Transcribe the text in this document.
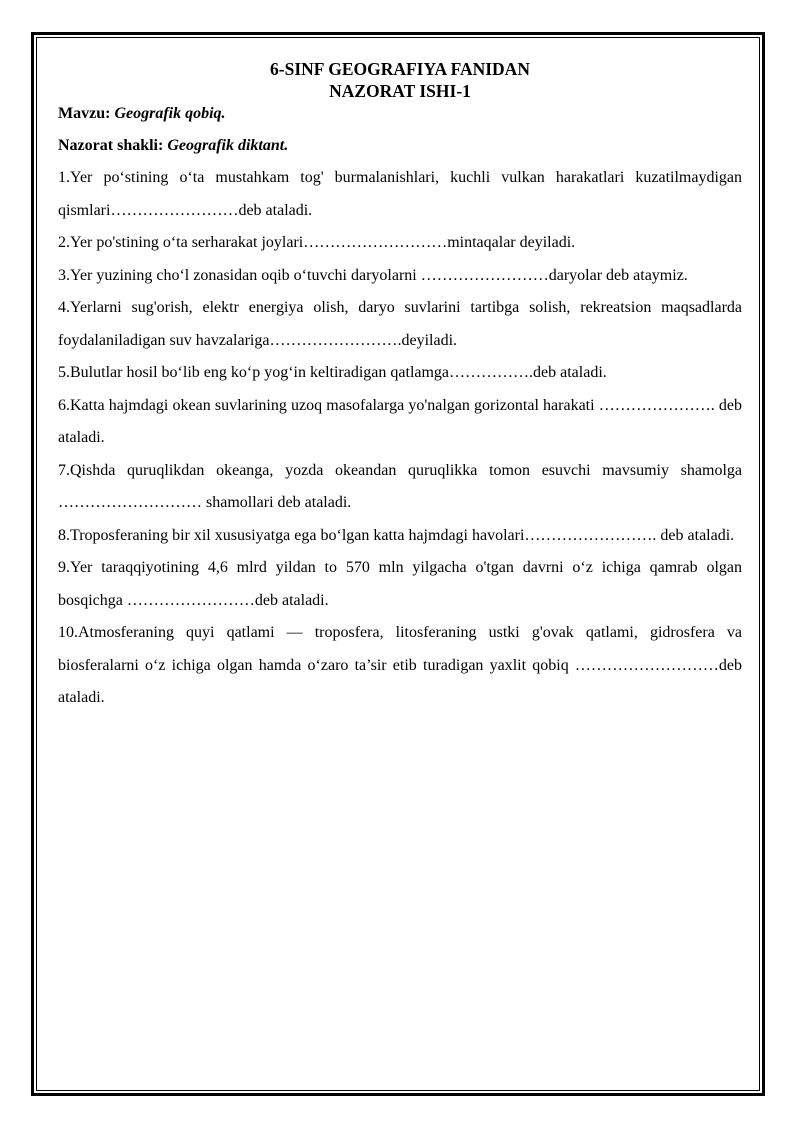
6-SINF GEOGRAFIYA FANIDAN

NAZORAT ISHI-1

Mavzu: Geografik qobiq.

Nazorat shakli: Geografik diktant.

1.Yer po‘stining o‘ta mustahkam tog' burmalanishlari, kuchli vulkan harakatlari kuzatilmaydigan qismlari……………………deb ataladi.

2.Yer po'stining o‘ta serharakat joylari………………………mintaqalar deyiladi.

3.Yer yuzining cho‘l zonasidan oqib o‘tuvchi daryolarni ……………………daryolar deb ataymiz.

4.Yerlarni sug'orish, elektr energiya olish, daryo suvlarini tartibga solish, rekreatsion maqsadlarda foydalaniladigan suv havzalariga…………………….deyiladi.

5.Bulutlar hosil bo‘lib eng ko‘p yog‘in keltiradigan qatlamga…………….deb ataladi.

6.Katta hajmdagi okean suvlarining uzoq masofalarga yo'nalgan gorizontal harakati …………………. deb ataladi.

7.Qishda quruqlikdan okeanga, yozda okeandan quruqlikka tomon esuvchi mavsumiy shamolga ……………………… shamollari deb ataladi.

8.Troposferaning bir xil xususiyatga ega bo‘lgan katta hajmdagi havolari……………………. deb ataladi.

9.Yer taraqqiyotining 4,6 mlrd yildan to 570 mln yilgacha o'tgan davrni o‘z ichiga qamrab olgan bosqichga ……………………deb ataladi.

10.Atmosferaning quyi qatlami — troposfera, litosferaning ustki g'ovak qatlami, gidrosfera va biosferalarni o‘z ichiga olgan hamda o‘zaro ta’sir etib turadigan yaxlit qobiq ………………………deb ataladi.
